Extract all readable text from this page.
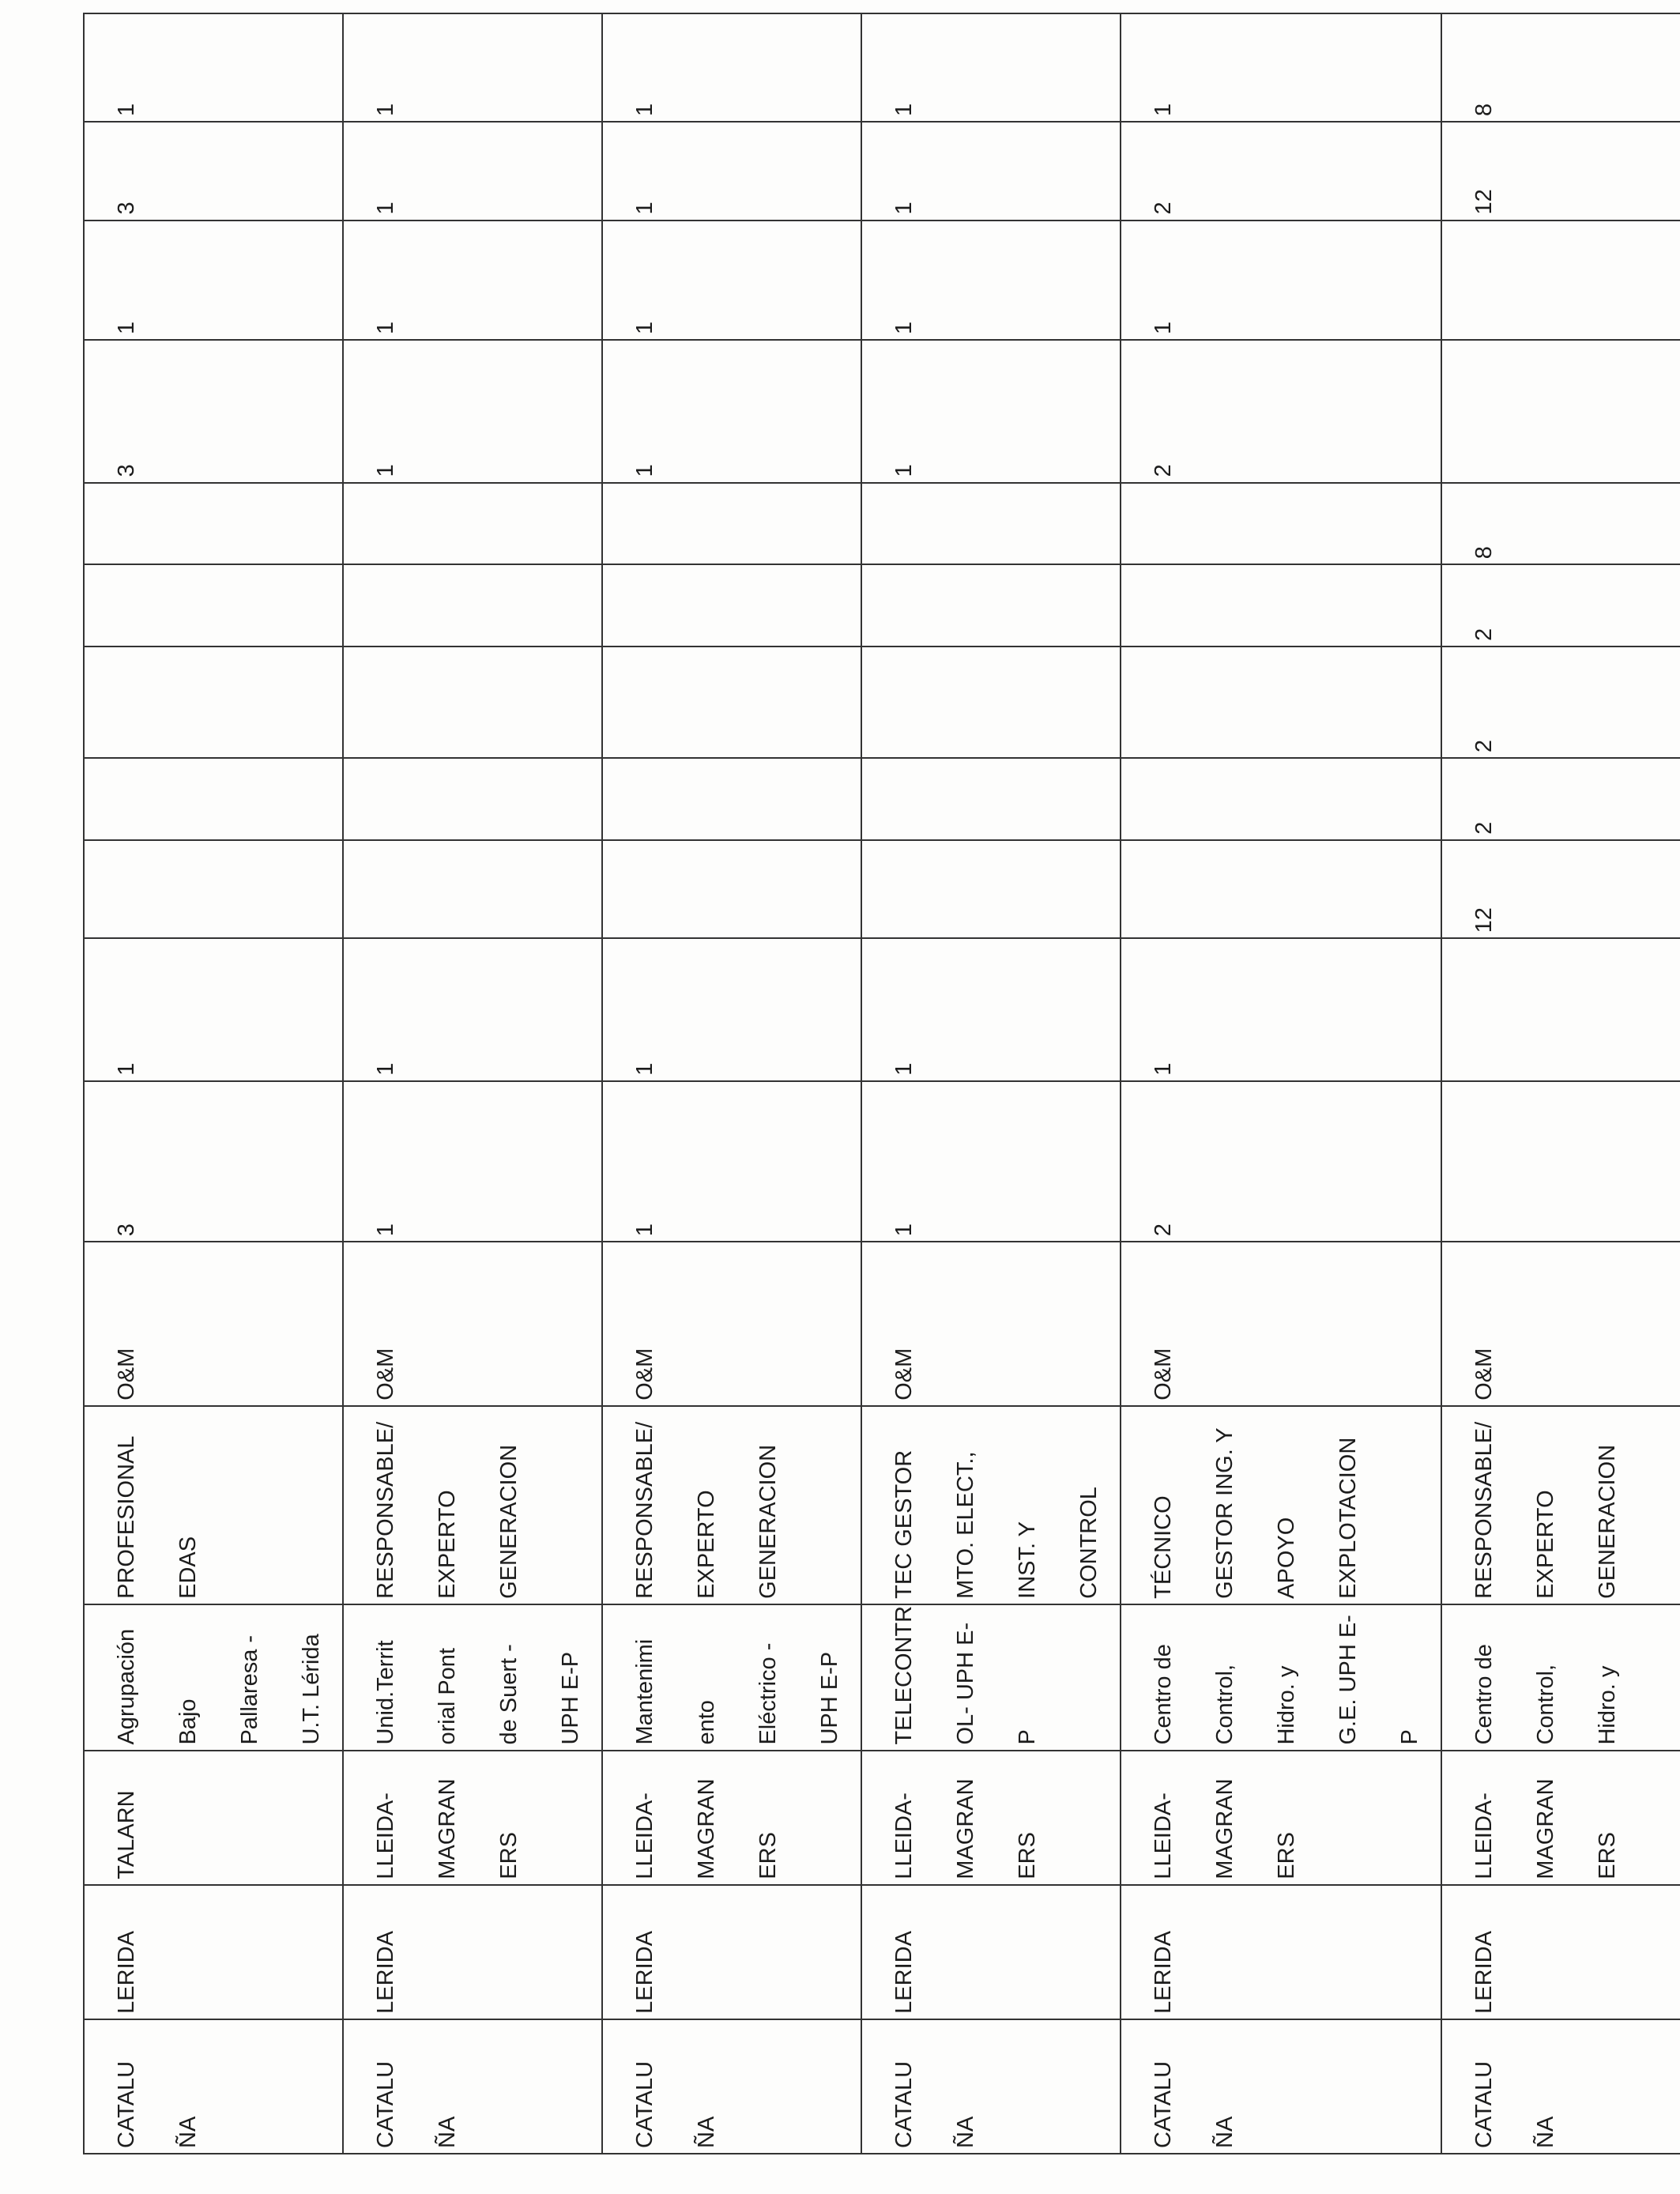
CATALU ÑA	LERIDA	TALARN	Agrupación Bajo Pallaresa - U.T. Lérida	PROFESIONAL EDAS	O&M	3	1						3	1	3	1

CATALU ÑA	LERIDA	LLEIDA- MAGRAN ERS	Unid.Territ orial Pont de Suert - UPH E-P	RESPONSABLE/ EXPERTO GENERACION	O&M	1	1						1	1	1	1

CATALU ÑA	LERIDA	LLEIDA- MAGRAN ERS	Mantenimi ento Eléctrico - UPH E-P	RESPONSABLE/ EXPERTO GENERACION	O&M	1	1						1	1	1	1

CATALU ÑA	LERIDA	LLEIDA- MAGRAN ERS	TELECONTR OL- UPH E- P	TEC GESTOR MTO. ELECT., INST. Y CONTROL	O&M	1	1						1	1	1	1

CATALU ÑA	LERIDA	LLEIDA- MAGRAN ERS	Centro de Control, Hidro. y G.E. UPH E- P	TÉCNICO GESTOR ING. Y APOYO EXPLOTACION	O&M	2	1						2	1	2	1

CATALU ÑA	LERIDA	LLEIDA- MAGRAN ERS	Centro de Control, Hidro. y	RESPONSABLE/ EXPERTO GENERACION	O&M			12	2	2	2	8			12	8
